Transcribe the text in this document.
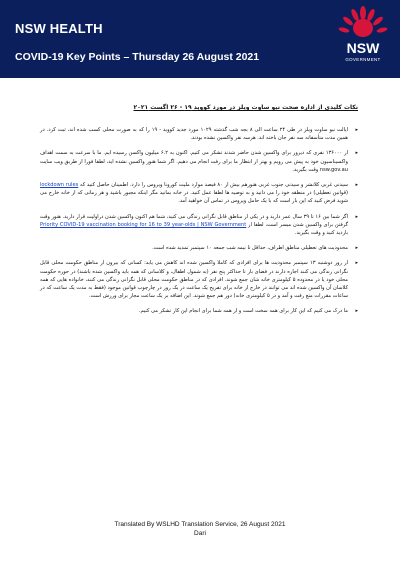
NSW HEALTH
COVID-19 Key Points – Thursday 26 August 2021
NSW
GOVERNMENT
نکات کلیدی از اداره صحت نیو ساوت ویلز در مورد کووید ۱۹ - ۲۶ اگست ۲۰۲۱
▸ ایالت نیو ساوت ویلز در طی ۲۴ ساعت الی ۸ بجه شب گذشته ۱۰۲۹ مورد جدید کووید - ۱۹ را که به صورت محلی کسب شده اند، ثبت کرد. در همین مدت متأسفانه سه نفر جان باخته اند. هرسه نفر واکسین نشده بودند.
▸ از ۱۳۶۰۰۰ نفری که دیروز برای واکسین شدن حاضر شدند تشکر می کنیم. اکنون به ۶.۲ میلیون واکسن رسیده ایم. ما با سرعت به سمت اهداف واکسیناسیون خود به پیش می رویم و بهتر از انتظار ما برای رفت انجام می دهیم. اگر شما هنوز واکسین نشده اید، لطفا فورا از طریق ویب سایت nsw.gov.au وقت بگیرید.
▸ سیدنی غربی کلانشر و سیدنی جنوب غربی هنوزهم بیش از ۸۰ فیصد موارد ملیت کورونا ویروس را دارد. اطمینان حاصل کنید که lockdown rules (قوانین تعطیلی) در منطقه خود را می دانید و به توصیه ها لطفا عمل کنید. در خانه بمانید مگر اینکه مجبور باشید و هر زمانی که از خانه خارج می شوید فرض کنید که این بار است که با یک حامل ویروس در تماس آن خواهید آمد.
▸ اگر شما بین ۱۶ تا ۳۹ سال عمر دارید و در یکی از مناطق قابل نگرانی زندگی می کنید، شما هم اکنون واکسین شدن دراولیت قرار دارید. هنوز وقت گرفتن برای واکسین شدن میسر است، لطفا از Priority COVID-19 vaccination booking for 16 to 39 year-olds | NSW Government بازدید کنید و وقت بگیرید.
▸ محدودیت های تعطیلی مناطق اطراف، حداقل تا نیمه شب جمعه ۱۰ سپتمبر تمدید شده است.
▸ از روز دوشنبه ۱۳ سپتمبر محدودیت ها برای افرادی که کاملا واکسین شده اند کاهش می یابد: کسانی که بیرون از مناطق حکومت محلی قابل نگرانی زندگی می کنند اجازه دارند در فضای باز تا حداکثر پنج نفر (به شمول اطفال، و کلاسانی که همه باید واکسین شده باشند) در حوزه حکومت محلی خود یا در محدوده ۵ کیلومتری خانه شان جمع شوند. افرادی که در مناطق حکومت محلی قابل نگرانی زندگی می کنند، خانواده هایی که همه کلاسان آن واکسین شده اند می توانند در خارج از خانه برای تفریح یک ساعت در یک روز در چارچوب قوانین موجود (فقط به مدت یک ساعت که در ساعات مقررات منع رفت و آمد و در ۵ کیلومتری خانه) دور هم جمع شوند. این اضافه بر یک ساعت مجاز برای ورزش است.
▸ ما درک می کنیم که این کار برای همه سخت است و از همه شما برای انجام این کار تشکر می کنیم.
Translated By WSLHD Translation Service, 26 August 2021
Dari
